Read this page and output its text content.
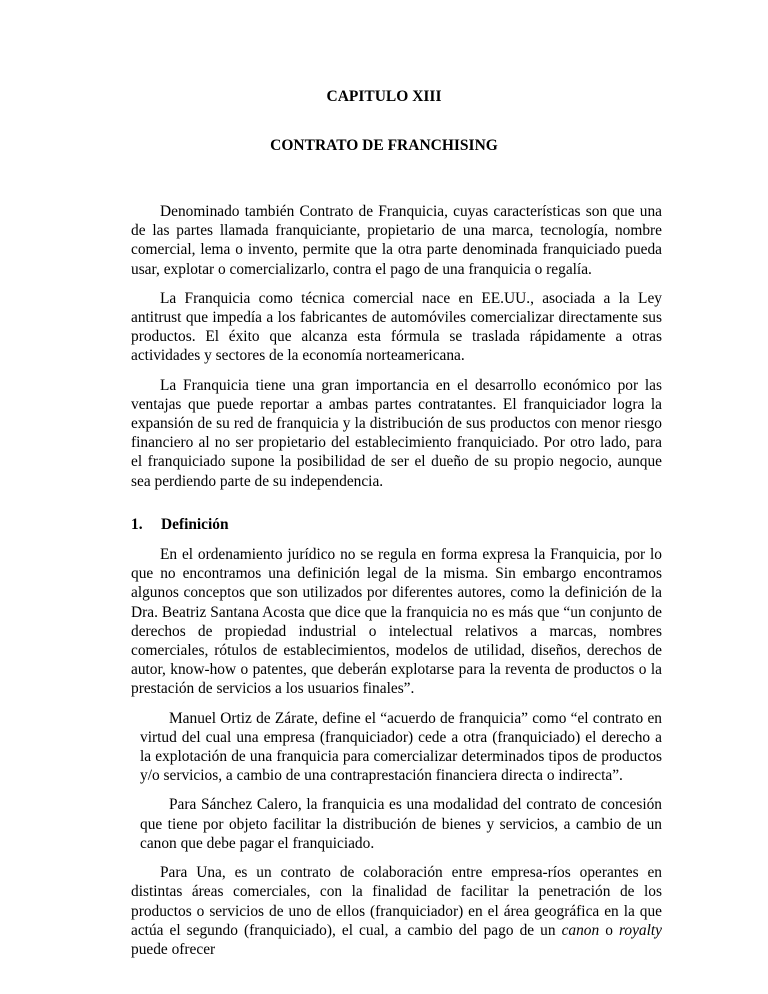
CAPITULO XIII
CONTRATO DE FRANCHISING

Denominado también Contrato de Franquicia, cuyas características son que una de las partes llamada franquiciante, propietario de una marca, tecnología, nombre comercial, lema o invento, permite que la otra parte denominada franquiciado pueda usar, explotar o comercializarlo, contra el pago de una franquicia o regalía.

La Franquicia como técnica comercial nace en EE.UU., asociada a la Ley antitrust que impedía a los fabricantes de automóviles comercializar directamente sus productos. El éxito que alcanza esta fórmula se traslada rápidamente a otras actividades y sectores de la economía norteamericana.

La Franquicia tiene una gran importancia en el desarrollo económico por las ventajas que puede reportar a ambas partes contratantes. El franquiciador logra la expansión de su red de franquicia y la distribución de sus productos con menor riesgo financiero al no ser propietario del establecimiento franquiciado. Por otro lado, para el franquiciado supone la posibilidad de ser el dueño de su propio negocio, aunque sea perdiendo parte de su independencia.

1.	Definición

En el ordenamiento jurídico no se regula en forma expresa la Franquicia, por lo que no encontramos una definición legal de la misma. Sin embargo encontramos algunos conceptos que son utilizados por diferentes autores, como la definición de la Dra. Beatriz Santana Acosta que dice que la franquicia no es más que “un conjunto de derechos de propiedad industrial o intelectual relativos a marcas, nombres comerciales, rótulos de establecimientos, modelos de utilidad, diseños, derechos de autor, know-how o patentes, que deberán explotarse para la reventa de productos o la prestación de servicios a los usuarios finales”.

Manuel Ortiz de Zárate, define el “acuerdo de franquicia” como “el contrato en virtud del cual una empresa (franquiciador) cede a otra (franquiciado) el derecho a la explotación de una franquicia para comercializar determinados tipos de productos y/o servicios, a cambio de una contraprestación financiera directa o indirecta”.

Para Sánchez Calero, la franquicia es una modalidad del contrato de concesión que tiene por objeto facilitar la distribución de bienes y servicios, a cambio de un canon que debe pagar el franquiciado.

Para Una, es un contrato de colaboración entre empresa-ríos operantes en distintas áreas comerciales, con la finalidad de facilitar la penetración de los productos o servicios de uno de ellos (franquiciador) en el área geográfica en la que actúa el segundo (franquiciado), el cual, a cambio del pago de un canon o royalty puede ofrecer
